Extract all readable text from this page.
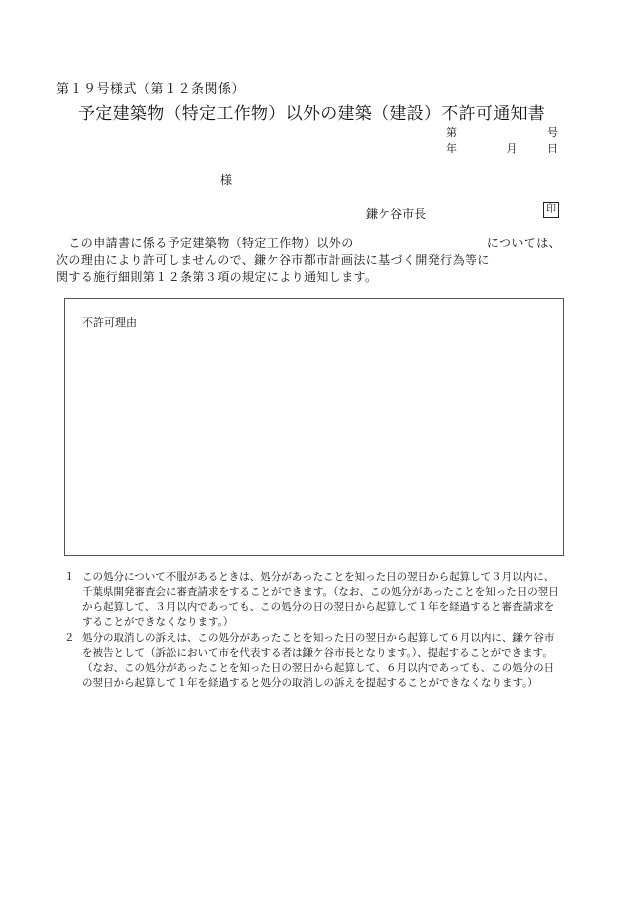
第１９号様式（第１２条関係）
予定建築物（特定工作物）以外の建築（建設）不許可通知書
第	号
年	月	日
様
鎌ケ谷市長	印
 この申請書に係る予定建築物（特定工作物）以外の	については、
次の理由により許可しませんので、鎌ケ谷市都市計画法に基づく開発行為等に
関する施行細則第１２条第３項の規定により通知します。
不許可理由
１ この処分について不服があるときは、処分があったことを知った日の翌日から起算して３月以内に、千葉県開発審査会に審査請求をすることができます。（なお、この処分があったことを知った日の翌日から起算して、３月以内であっても、この処分の日の翌日から起算して１年を経過すると審査請求をすることができなくなります。）
２ 処分の取消しの訴えは、この処分があったことを知った日の翌日から起算して６月以内に、鎌ケ谷市を被告として（訴訟において市を代表する者は鎌ケ谷市長となります。）、提起することができます。（なお、この処分があったことを知った日の翌日から起算して、６月以内であっても、この処分の日の翌日から起算して１年を経過すると処分の取消しの訴えを提起することができなくなります。）
